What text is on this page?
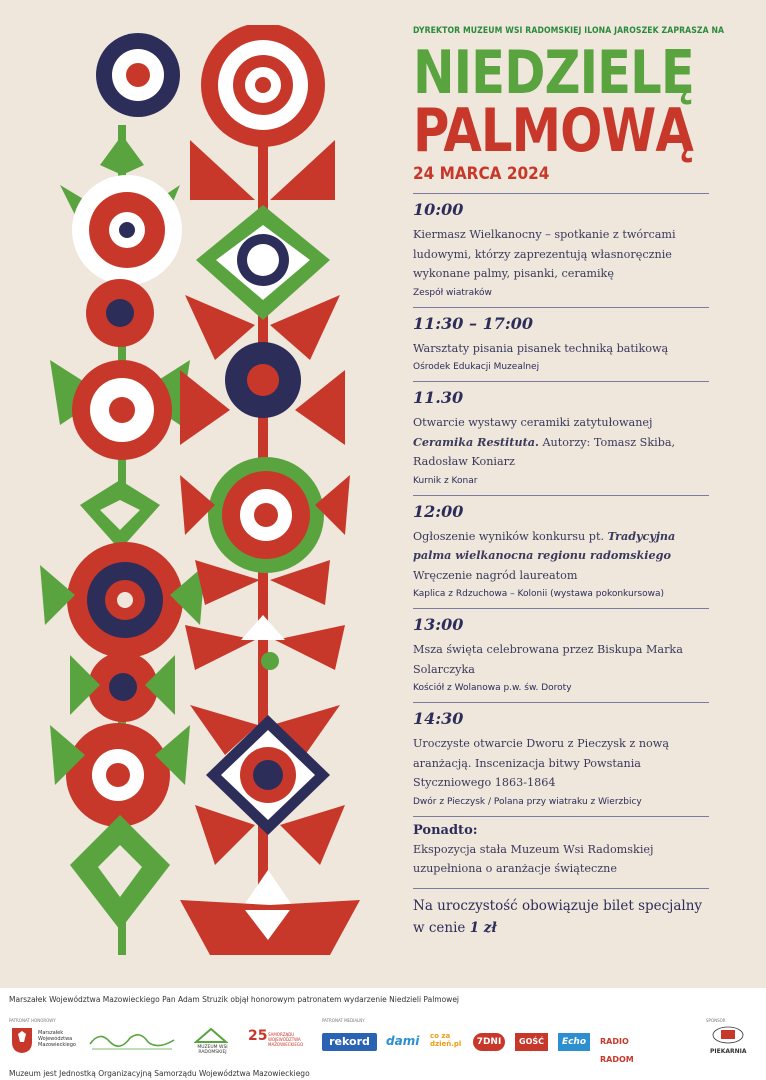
DYREKTOR MUZEUM WSI RADOMSKIEJ ILONA JAROSZEK ZAPRASZA NA
NIEDZIELĘ
PALMOWĄ
24 MARCA 2024
10:00
Kiermasz Wielkanocny – spotkanie z twórcami ludowymi, którzy zaprezentują własnoręcznie wykonane palmy, pisanki, ceramikę
Zespół wiatraków
11:30 – 17:00
Warsztaty pisania pisanek techniką batikową
Ośrodek Edukacji Muzealnej
11.30
Otwarcie wystawy ceramiki zatytułowanej Ceramika Restituta. Autorzy: Tomasz Skiba, Radosław Koniarz
Kurnik z Konar
12:00
Ogłoszenie wyników konkursu pt. Tradycyjna palma wielkanocna regionu radomskiego
Wręczenie nagród laureatom
Kaplica z Rdzuchowa – Kolonii (wystawa pokonkursowa)
13:00
Msza święta celebrowana przez Biskupa Marka Solarczyka
Kościół z Wolanowa p.w. św. Doroty
14:30
Uroczyste otwarcie Dworu z Pieczysk z nową aranżacją. Inscenizacja bitwy Powstania Styczniowego 1863-1864
Dwór z Pieczysk / Polana przy wiatraku z Wierzbicy
Ponadto:
Ekspozycja stała Muzeum Wsi Radomskiej uzupełniona o aranżacje świąteczne
Na uroczystość obowiązuje bilet specjalny w cenie 1 zł
Marszałek Województwa Mazowieckiego Pan Adam Struzik objął honorowym patronatem wydarzenie Niedzieli Palmowej
PATRONAT HONOROWY	PATRONAT MEDIALNY	SPONSOR
Marszałek Województwa Mazowieckiego	MUZEUM WSI RADOMSKIEJ
25 SAMORZĄDU WOJEWÓDZTWA MAZOWIECKIEGO	rekord	dami co za dzień.pl	7DNI	GOŚĆ	Echo	RADIO RADOM
PIEKARNIA
Muzeum jest Jednostką Organizacyjną Samorządu Województwa Mazowieckiego
